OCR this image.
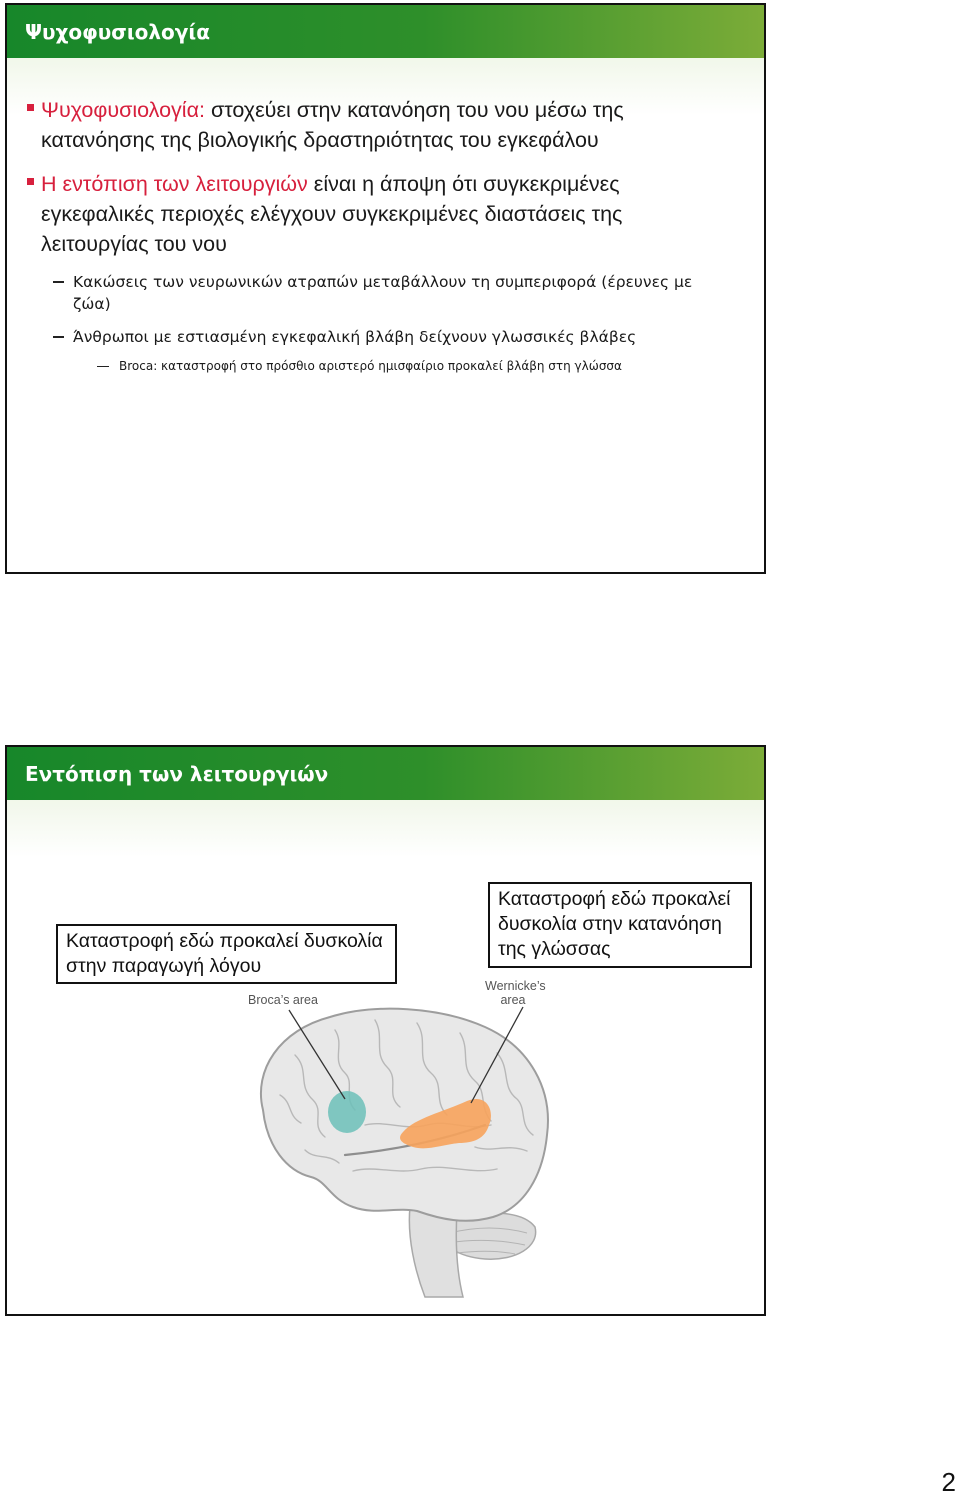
Ψυχοφυσιολογία
Ψυχοφυσιολογία: στοχεύει στην κατανόηση του νου μέσω της κατανόησης της βιολογικής δραστηριότητας του εγκεφάλου
Η εντόπιση των λειτουργιών είναι η άποψη ότι συγκεκριμένες εγκεφαλικές περιοχές ελέγχουν συγκεκριμένες διαστάσεις της λειτουργίας του νου
Κακώσεις των νευρωνικών ατραπών μεταβάλλουν τη συμπεριφορά (έρευνες με ζώα)
Άνθρωποι με εστιασμένη εγκεφαλική βλάβη δείχνουν γλωσσικές βλάβες
Broca: καταστροφή στο πρόσθιο αριστερό ημισφαίριο προκαλεί βλάβη στη γλώσσα
Εντόπιση των λειτουργιών
Broca’s area
Wernicke’s area
Καταστροφή εδώ προκαλεί δυσκολία στην παραγωγή λόγου
Καταστροφή εδώ προκαλεί δυσκολία στην κατανόηση της γλώσσας
2
